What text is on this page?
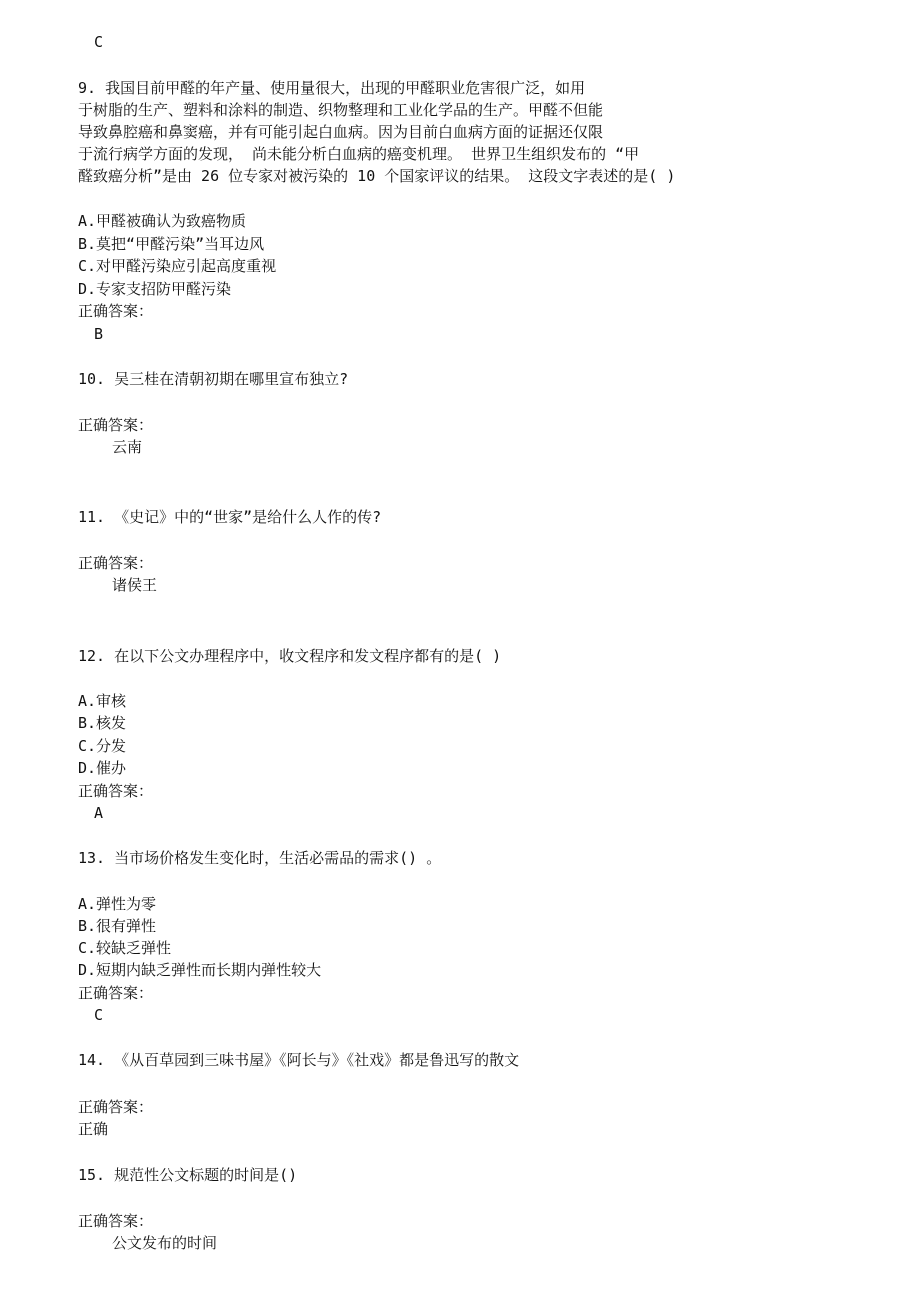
C
9. 我国目前甲醛的年产量、使用量很大，出现的甲醛职业危害很广泛，如用
于树脂的生产、塑料和涂料的制造、织物整理和工业化学品的生产。甲醛不但能
导致鼻腔癌和鼻窦癌，并有可能引起白血病。因为目前白血病方面的证据还仅限
于流行病学方面的发现， 尚未能分析白血病的癌变机理。 世界卫生组织发布的 “甲
醛致癌分析”是由 26 位专家对被污染的 10 个国家评议的结果。 这段文字表述的是( )
A.甲醛被确认为致癌物质
B.莫把“甲醛污染”当耳边风
C.对甲醛污染应引起高度重视
D.专家支招防甲醛污染
正确答案：
B
10. 吴三桂在清朝初期在哪里宣布独立?
正确答案：
云南
11. 《史记》中的“世家”是给什么人作的传?
正确答案：
诸侯王
12. 在以下公文办理程序中，收文程序和发文程序都有的是( )
A.审核
B.核发
C.分发
D.催办
正确答案：
A
13. 当市场价格发生变化时，生活必需品的需求() 。
A.弹性为零
B.很有弹性
C.较缺乏弹性
D.短期内缺乏弹性而长期内弹性较大
正确答案：
C
14. 《从百草园到三味书屋》《阿长与》《社戏》都是鲁迅写的散文
正确答案：
正确
15. 规范性公文标题的时间是()
正确答案：
公文发布的时间
